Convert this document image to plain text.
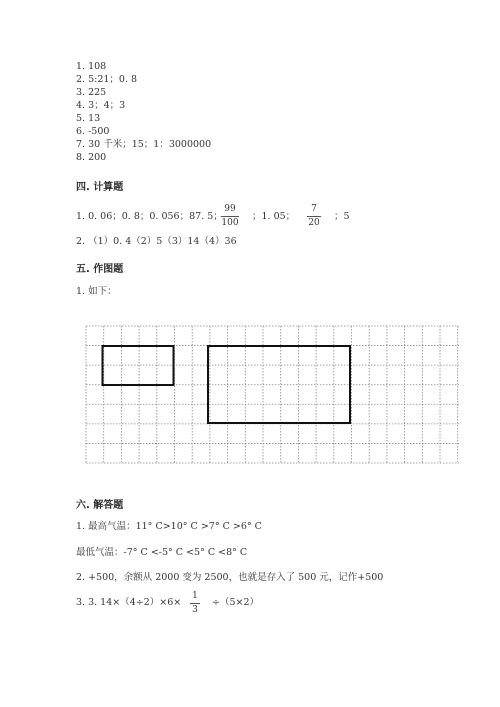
1. 108
2. 5:21；0. 8
3. 225
4. 3；4；3
5. 13
6. -500
7. 30 千米；15；1：3000000
8. 200
四. 计算题
1. 0. 06；0. 8；0. 056；87. 5；
99
100
；1. 05；
7
20
；5
2. （1）0. 4（2）5（3）14（4）36
五. 作图题
1. 如下：
六. 解答题
1. 最高气温：11° C>10° C >7° C >6° C
最低气温：-7° C <-5° C <5° C <8° C
2. +500，余额从 2000 变为 2500，也就是存入了 500 元，记作+500
3. 3. 14×（4÷2）×6×
1
3
÷（5×2）
